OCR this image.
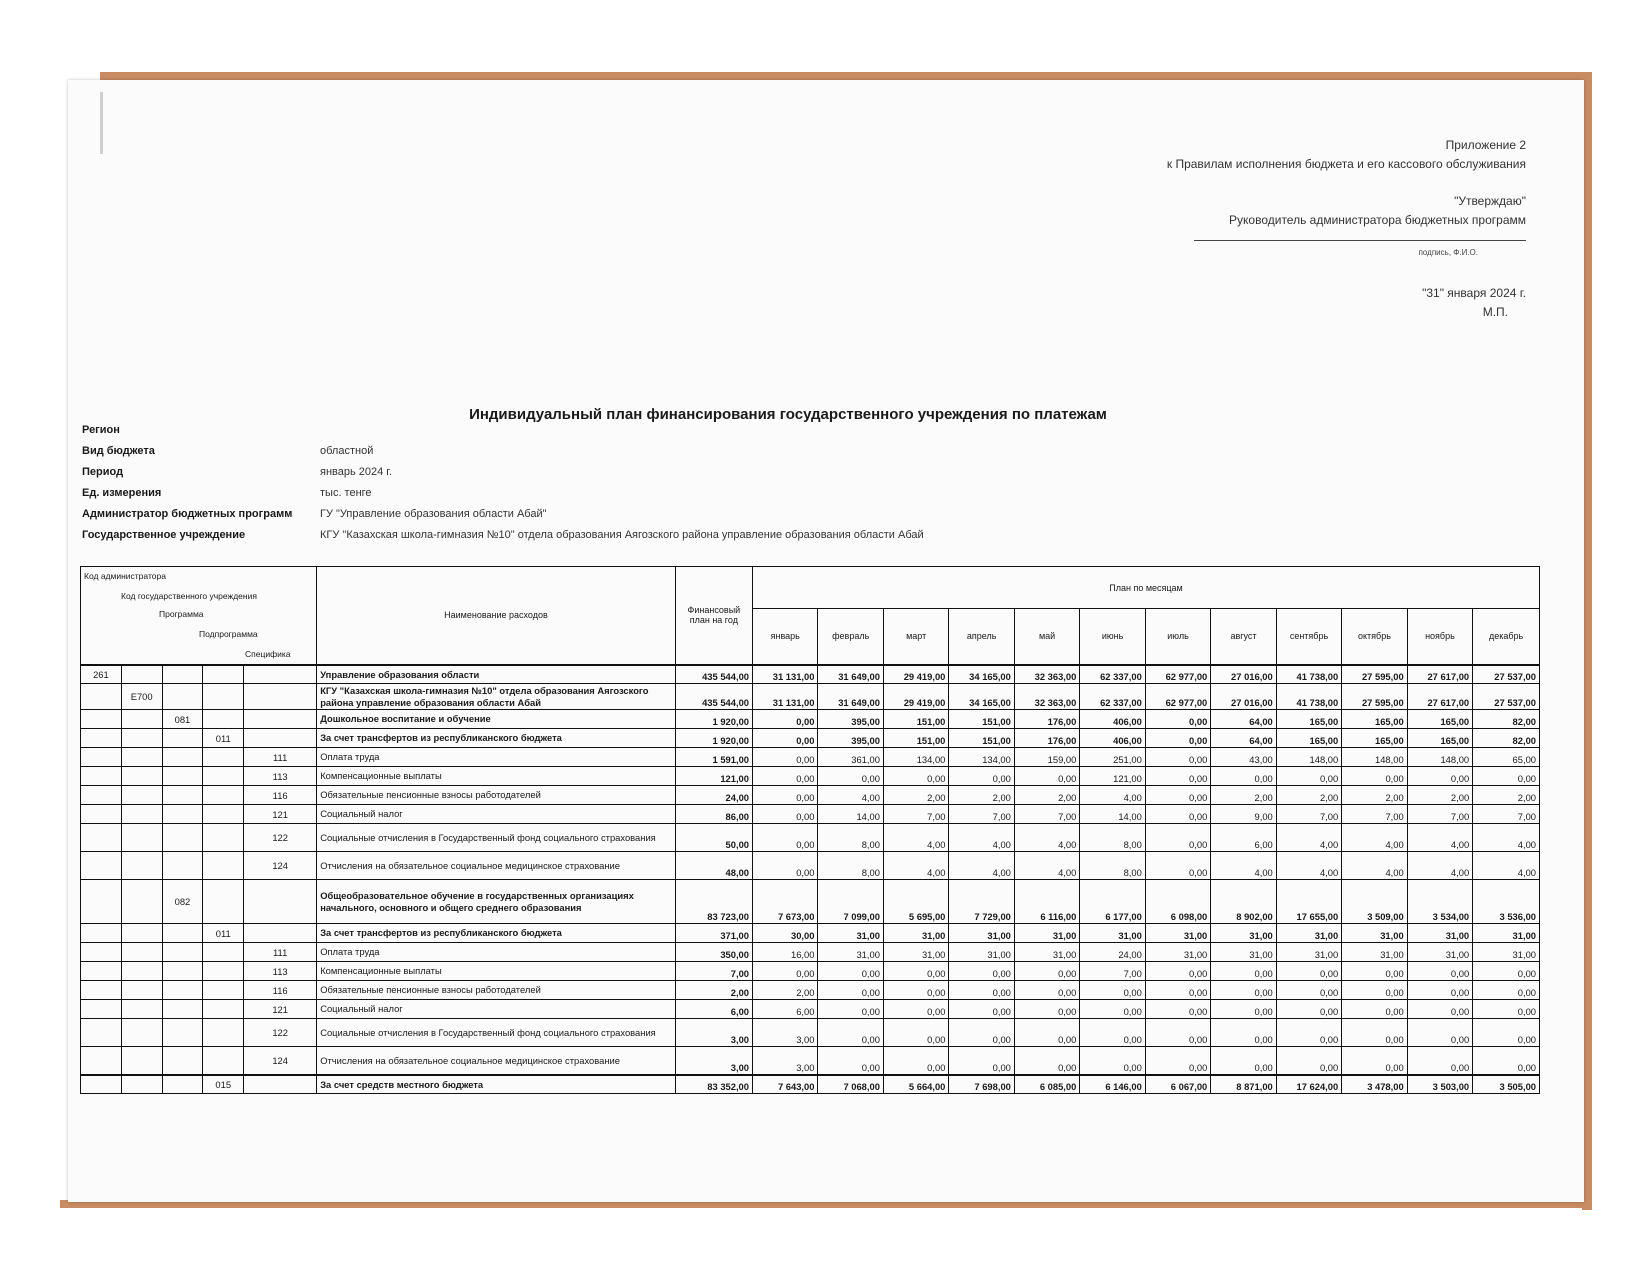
Приложение 2
к Правилам исполнения бюджета и его кассового обслуживания
"Утверждаю"
Руководитель администратора бюджетных программ
подпись, Ф.И.О.
"31" января 2024 г.
М.П.
Индивидуальный план финансирования государственного учреждения по платежам
Регион
Вид бюджета	областной
Период	январь 2024 г.
Ед. измерения	тыс. тенге
Администратор бюджетных программ	ГУ "Управление образования области Абай"
Государственное учреждение	КГУ "Казахская школа-гимназия №10" отдела образования Аягозского района управление образования области Абай
Код администратора
Код государственного учреждения
Программа
Подпрограмма
Специфика					Наименование расходов	Финансовый план на год	План по месяцам											
							январь	февраль	март	апрель	май	июнь	июль	август	сентябрь	октябрь	ноябрь	декабрь
261					Управление образования области	435 544,00	31 131,00	31 649,00	29 419,00	34 165,00	32 363,00	62 337,00	62 977,00	27 016,00	41 738,00	27 595,00	27 617,00	27 537,00
	E700				КГУ "Казахская школа-гимназия №10" отдела образования Аягозского района управление образования области Абай	435 544,00	31 131,00	31 649,00	29 419,00	34 165,00	32 363,00	62 337,00	62 977,00	27 016,00	41 738,00	27 595,00	27 617,00	27 537,00
		081			Дошкольное воспитание и обучение	1 920,00	0,00	395,00	151,00	151,00	176,00	406,00	0,00	64,00	165,00	165,00	165,00	82,00
			011		За счет трансфертов из республиканского бюджета	1 920,00	0,00	395,00	151,00	151,00	176,00	406,00	0,00	64,00	165,00	165,00	165,00	82,00
				111	Оплата труда	1 591,00	0,00	361,00	134,00	134,00	159,00	251,00	0,00	43,00	148,00	148,00	148,00	65,00
				113	Компенсационные выплаты	121,00	0,00	0,00	0,00	0,00	0,00	121,00	0,00	0,00	0,00	0,00	0,00	0,00
				116	Обязательные пенсионные взносы работодателей	24,00	0,00	4,00	2,00	2,00	2,00	4,00	0,00	2,00	2,00	2,00	2,00	2,00
				121	Социальный налог	86,00	0,00	14,00	7,00	7,00	7,00	14,00	0,00	9,00	7,00	7,00	7,00	7,00
				122	Социальные отчисления в Государственный фонд социального страхования	50,00	0,00	8,00	4,00	4,00	4,00	8,00	0,00	6,00	4,00	4,00	4,00	4,00
				124	Отчисления на обязательное социальное медицинское страхование	48,00	0,00	8,00	4,00	4,00	4,00	8,00	0,00	4,00	4,00	4,00	4,00	4,00
		082			Общеобразовательное обучение в государственных организациях начального, основного и общего среднего образования	83 723,00	7 673,00	7 099,00	5 695,00	7 729,00	6 116,00	6 177,00	6 098,00	8 902,00	17 655,00	3 509,00	3 534,00	3 536,00
			011		За счет трансфертов из республиканского бюджета	371,00	30,00	31,00	31,00	31,00	31,00	31,00	31,00	31,00	31,00	31,00	31,00	31,00
				111	Оплата труда	350,00	16,00	31,00	31,00	31,00	31,00	24,00	31,00	31,00	31,00	31,00	31,00	31,00
				113	Компенсационные выплаты	7,00	0,00	0,00	0,00	0,00	0,00	7,00	0,00	0,00	0,00	0,00	0,00	0,00
				116	Обязательные пенсионные взносы работодателей	2,00	2,00	0,00	0,00	0,00	0,00	0,00	0,00	0,00	0,00	0,00	0,00	0,00
				121	Социальный налог	6,00	6,00	0,00	0,00	0,00	0,00	0,00	0,00	0,00	0,00	0,00	0,00	0,00
				122	Социальные отчисления в Государственный фонд социального страхования	3,00	3,00	0,00	0,00	0,00	0,00	0,00	0,00	0,00	0,00	0,00	0,00	0,00
				124	Отчисления на обязательное социальное медицинское страхование	3,00	3,00	0,00	0,00	0,00	0,00	0,00	0,00	0,00	0,00	0,00	0,00	0,00
			015		За счет средств местного бюджета	83 352,00	7 643,00	7 068,00	5 664,00	7 698,00	6 085,00	6 146,00	6 067,00	8 871,00	17 624,00	3 478,00	3 503,00	3 505,00
